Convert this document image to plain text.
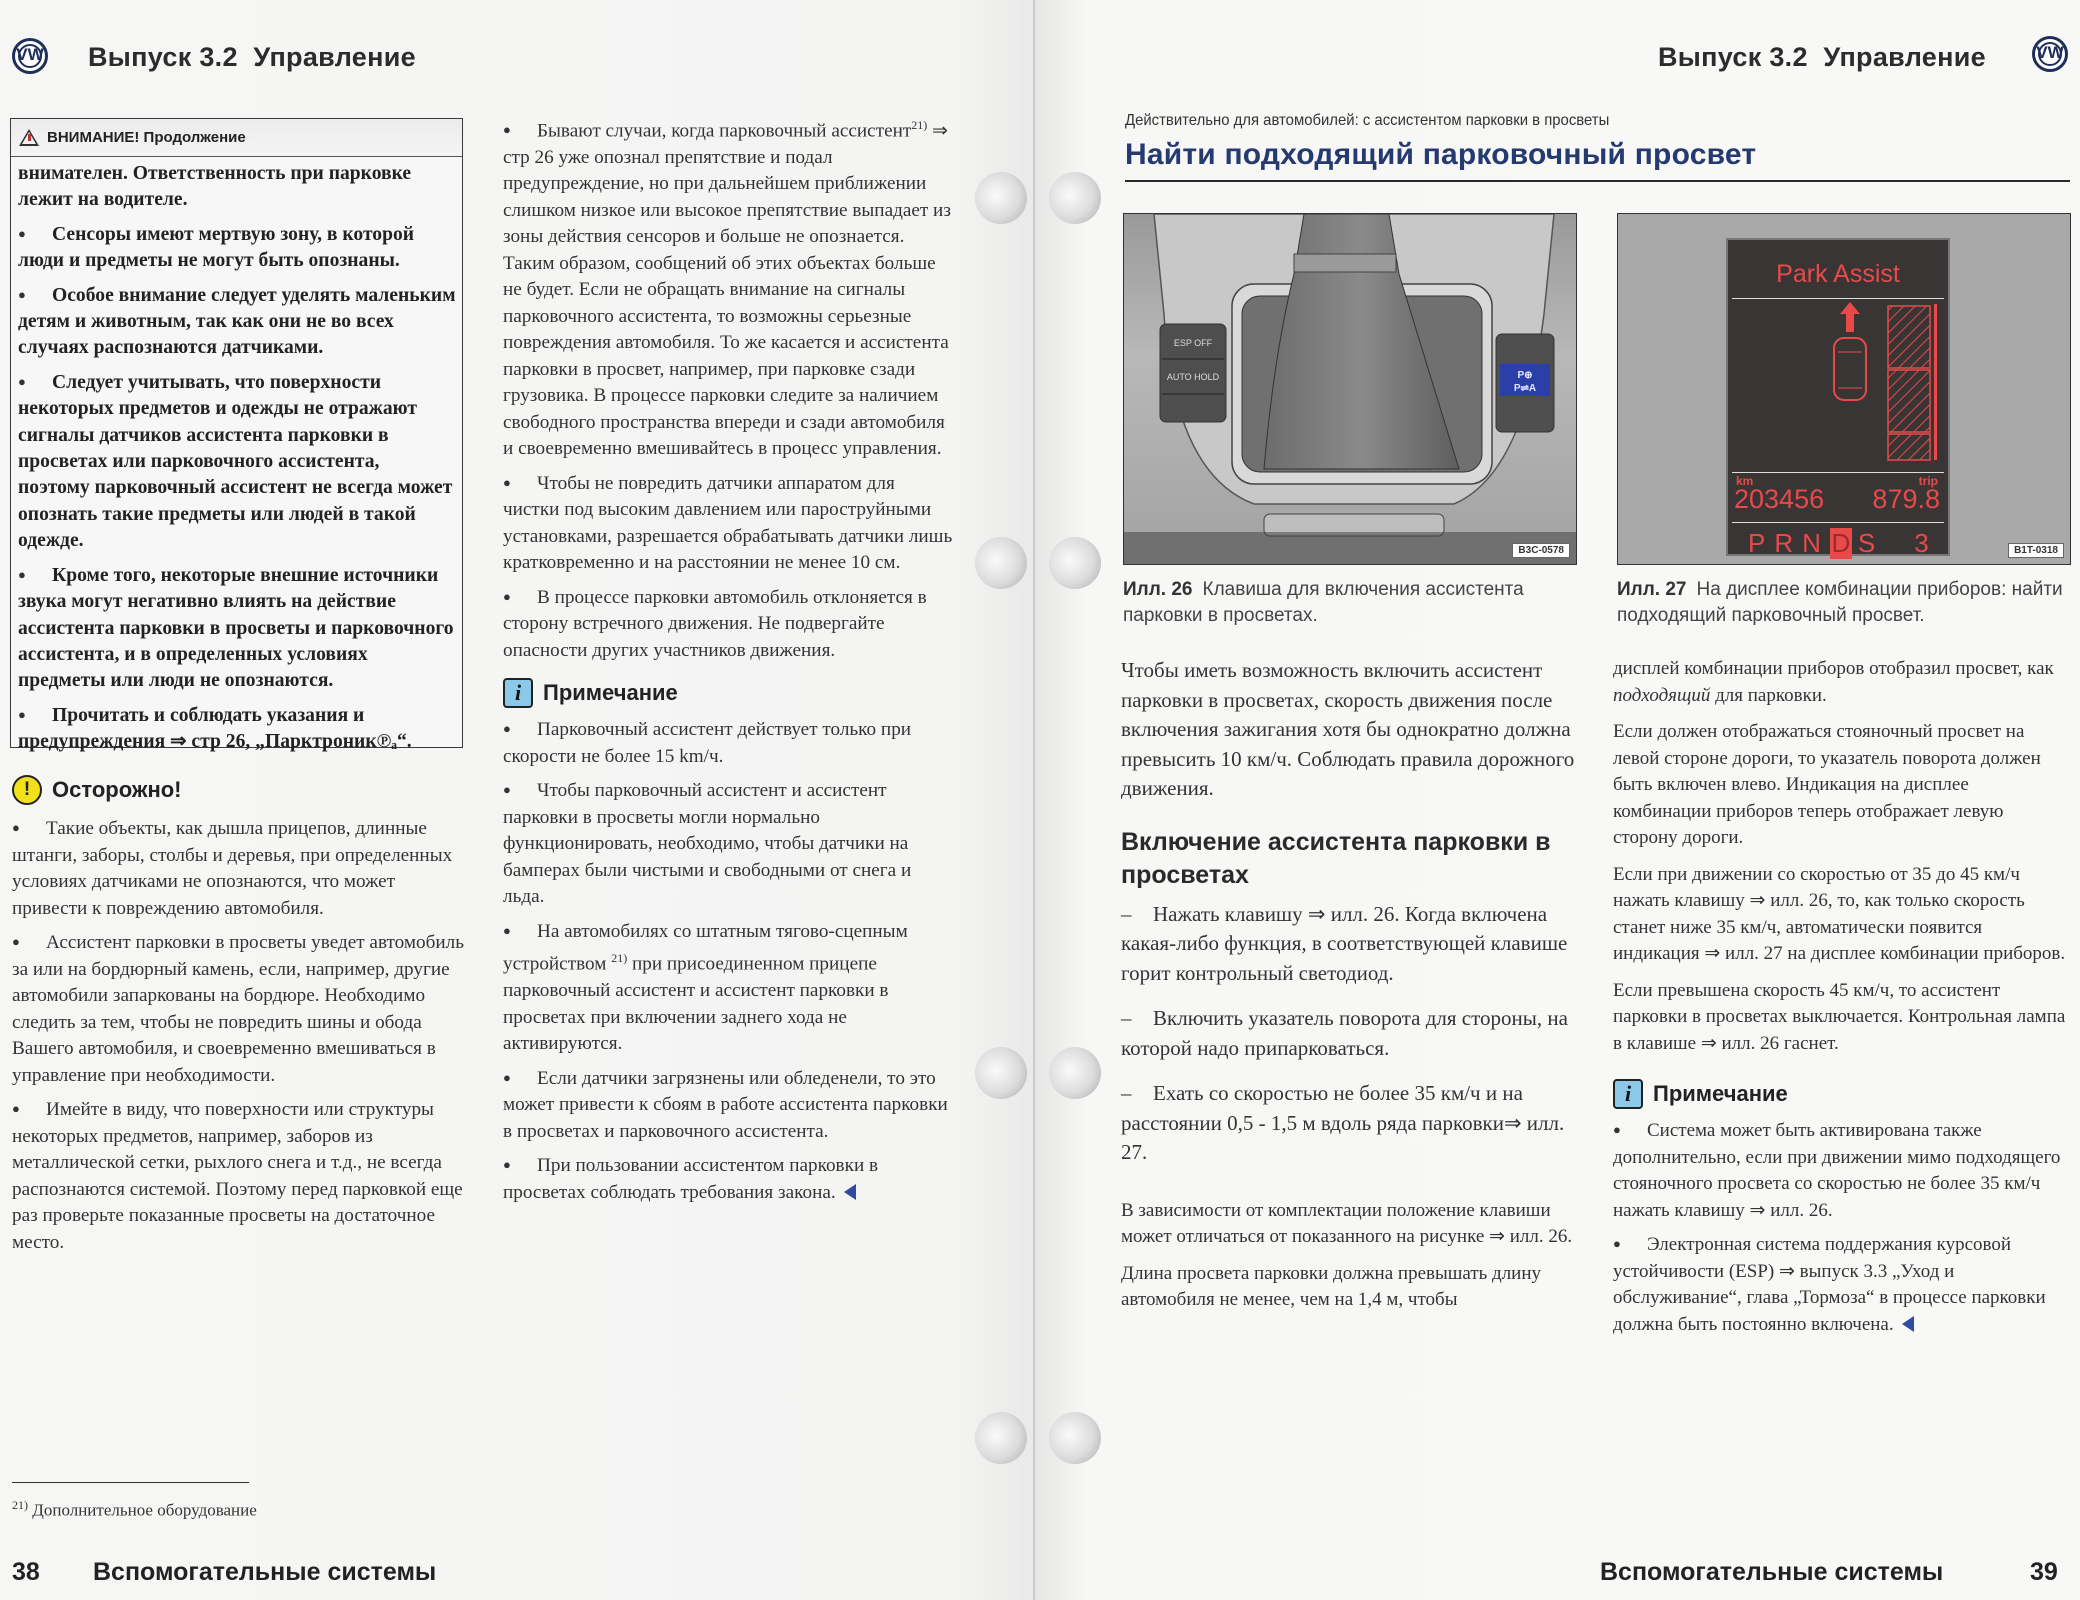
VW Выпуск 3.2  Управление
ВНИМАНИЕ! Продолжение

внимателен. Ответственность при парковке лежит на водителе.

● Сенсоры имеют мертвую зону, в которой люди и предметы не могут быть опознаны.

● Особое внимание следует уделять маленьким детям и животным, так как они не во всех случаях распознаются датчиками.

● Следует учитывать, что поверхности некоторых предметов и одежды не отражают сигналы датчиков ассистента парковки в просветах или парковочного ассистента, поэтому парковочный ассистент не всегда может опознать такие предметы или людей в такой одежде.

● Кроме того, некоторые внешние источники звука могут негативно влиять на действие ассистента парковки в просветы и парковочного ассистента, и в определенных условиях предметы или люди не опознаются.

● Прочитать и соблюдать указания и предупреждения ⇒ стр 26, „Парктроник℗ₐ“.

! Осторожно!

● Такие объекты, как дышла прицепов, длинные штанги, заборы, столбы и деревья, при определенных условиях датчиками не опознаются, что может привести к повреждению автомобиля.

● Ассистент парковки в просветы уведет автомобиль за или на бордюрный камень, если, например, другие автомобили запаркованы на бордюре. Необходимо следить за тем, чтобы не повредить шины и обода Вашего автомобиля, и своевременно вмешиваться в управление при необходимости.

● Имейте в виду, что поверхности или структуры некоторых предметов, например, заборов из металлической сетки, рыхлого снега и т.д., не всегда распознаются системой. Поэтому перед парковкой еще раз проверьте показанные просветы на достаточное место.

● Бывают случаи, когда парковочный ассистент$^{21)}$ ⇒ стр 26 уже опознал препятствие и подал предупреждение, но при дальнейшем приближении слишком низкое или высокое препятствие выпадает из зоны действия сенсоров и больше не опознается. Таким образом, сообщений об этих объектах больше не будет. Если не обращать внимание на сигналы парковочного ассистента, то возможны серьезные повреждения автомобиля. То же касается и ассистента парковки в просвет, например, при парковке сзади грузовика. В процессе парковки следите за наличием свободного пространства впереди и сзади автомобиля и своевременно вмешивайтесь в процесс управления.

● Чтобы не повредить датчики аппаратом для чистки под высоким давлением или пароструйными установками, разрешается обрабатывать датчики лишь кратковременно и на расстоянии не менее 10 см.

● В процессе парковки автомобиль отклоняется в сторону встречного движения. Не подвергайте опасности других участников движения.

i Примечание

● Парковочный ассистент действует только при скорости не более 15 km/ч.

● Чтобы парковочный ассистент и ассистент парковки в просветы могли нормально функционировать, необходимо, чтобы датчики на бамперах были чистыми и свободными от снега и льда.

● На автомобилях со штатным тягово-сцепным устройством $^{21)}$ при присоединенном прицепе парковочный ассистент и ассистент парковки в просветах при включении заднего хода не активируются.

● Если датчики загрязнены или обледенели, то это может привести к сбоям в работе ассистента парковки в просветах и парковочного ассистента.

● При пользовании ассистентом парковки в просветах соблюдать требования закона.

$^{21)}$ Дополнительное оборудование
38 Вспомогательные системы
Выпуск 3.2  Управление	VW
Действительно для автомобилей: с ассистентом парковки в просветы
Найти подходящий парковочный просвет
ESP OFF
AUTO HOLD	P⊕
P⇌A
B3C-0578
Илл. 26 Клавиша для включения ассистента парковки в просветах.
Park Assist
km	trip
203456 879.8
PRND S 3	B1T-0318
Илл. 27 На дисплее комбинации приборов: найти подходящий парковочный просвет.

Чтобы иметь возможность включить ассистент парковки в просветах, скорость движения после включения зажигания хотя бы однократно должна превысить 10 км/ч. Соблюдать правила дорожного движения.

Включение ассистента парковки в просветах

– Нажать клавишу ⇒ илл. 26. Когда включена какая-либо функция, в соответствующей клавише горит контрольный светодиод.

– Включить указатель поворота для стороны, на которой надо припарковаться.

– Ехать со скоростью не более 35 км/ч и на расстоянии 0,5 - 1,5 м вдоль ряда парковки⇒ илл. 27.

В зависимости от комплектации положение клавиши может отличаться от показанного на рисунке ⇒ илл. 26.

Длина просвета парковки должна превышать длину автомобиля не менее, чем на 1,4 м, чтобы

дисплей комбинации приборов отобразил просвет, как подходящий для парковки.

Если должен отображаться стояночный просвет на левой стороне дороги, то указатель поворота должен быть включен влево. Индикация на дисплее комбинации приборов теперь отображает левую сторону дороги.

Если при движении со скоростью от 35 до 45 км/ч нажать клавишу ⇒ илл. 26, то, как только скорость станет ниже 35 км/ч, автоматически появится индикация ⇒ илл. 27 на дисплее комбинации приборов.

Если превышена скорость 45 км/ч, то ассистент парковки в просветах выключается. Контрольная лампа в клавише ⇒ илл. 26 гаснет.

i Примечание

● Система может быть активирована также дополнительно, если при движении мимо подходящего стояночного просвета со скоростью не более 35 км/ч нажать клавишу ⇒ илл. 26.

● Электронная система поддержания курсовой устойчивости (ESP) ⇒ выпуск 3.3 „Уход и обслуживание“, глава „Тормоза“ в процессе парковки должна быть постоянно включена.

Вспомогательные системы	39
